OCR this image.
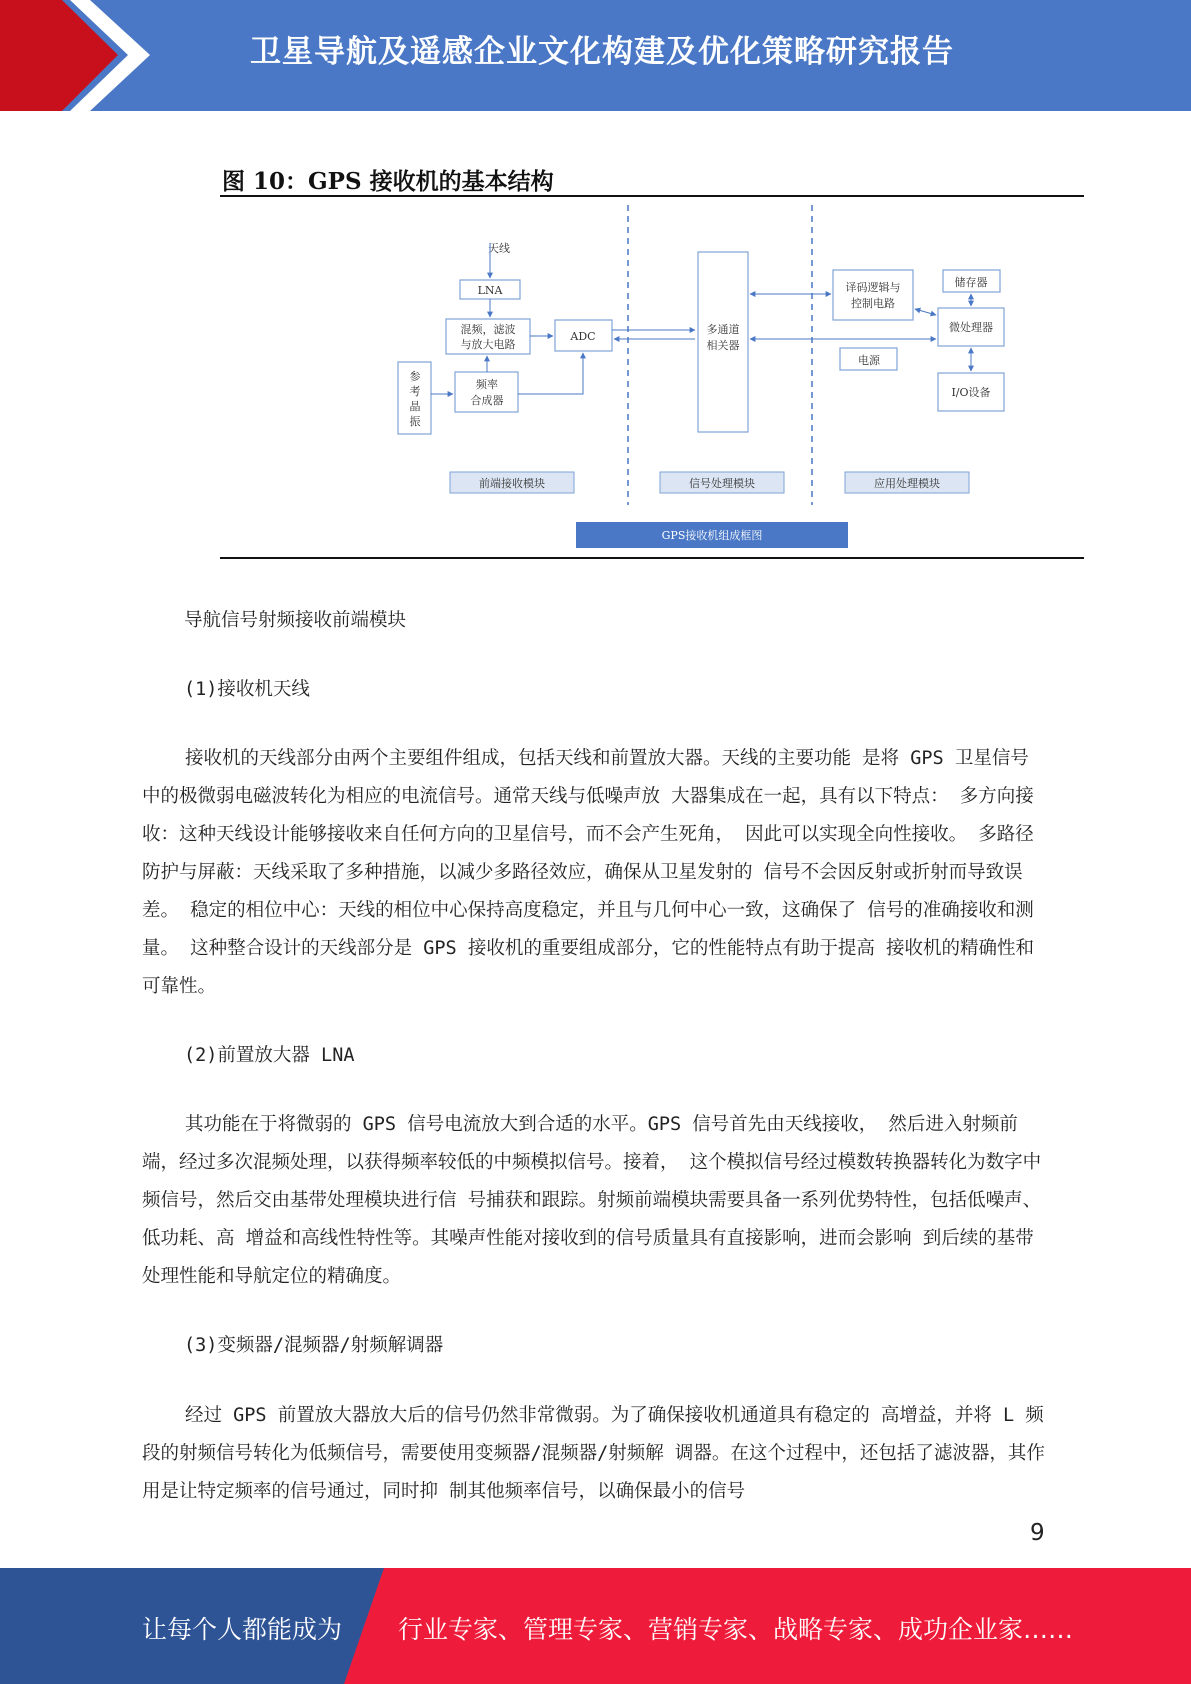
卫星导航及遥感企业文化构建及优化策略研究报告
图 10：GPS 接收机的基本结构
天线
LNA
混频，滤波
与放大电路
ADC
频率
合成器
参
考
晶
振
多通道
相关器
译码逻辑与
控制电路
储存器
微处理器
电源
I/O设备
前端接收模块	信号处理模块	应用处理模块
GPS接收机组成框图
导航信号射频接收前端模块
(1)接收机天线

接收机的天线部分由两个主要组件组成，包括天线和前置放大器。天线的主要功能 是将 GPS 卫星信号中的极微弱电磁波转化为相应的电流信号。通常天线与低噪声放 大器集成在一起，具有以下特点： 多方向接收：这种天线设计能够接收来自任何方向的卫星信号，而不会产生死角， 因此可以实现全向性接收。 多路径防护与屏蔽：天线采取了多种措施，以减少多路径效应，确保从卫星发射的 信号不会因反射或折射而导致误差。 稳定的相位中心：天线的相位中心保持高度稳定，并且与几何中心一致，这确保了 信号的准确接收和测量。 这种整合设计的天线部分是 GPS 接收机的重要组成部分，它的性能特点有助于提高 接收机的精确性和可靠性。

(2)前置放大器 LNA

其功能在于将微弱的 GPS 信号电流放大到合适的水平。GPS 信号首先由天线接收， 然后进入射频前端，经过多次混频处理，以获得频率较低的中频模拟信号。接着， 这个模拟信号经过模数转换器转化为数字中频信号，然后交由基带处理模块进行信 号捕获和跟踪。射频前端模块需要具备一系列优势特性，包括低噪声、低功耗、高 增益和高线性特性等。其噪声性能对接收到的信号质量具有直接影响，进而会影响 到后续的基带处理性能和导航定位的精确度。

(3)变频器/混频器/射频解调器

经过 GPS 前置放大器放大后的信号仍然非常微弱。为了确保接收机通道具有稳定的 高增益，并将 L 频段的射频信号转化为低频信号，需要使用变频器/混频器/射频解 调器。在这个过程中，还包括了滤波器，其作用是让特定频率的信号通过，同时抑 制其他频率信号，以确保最小的信号

9
让每个人都能成为 行业专家、管理专家、营销专家、战略专家、成功企业家……
